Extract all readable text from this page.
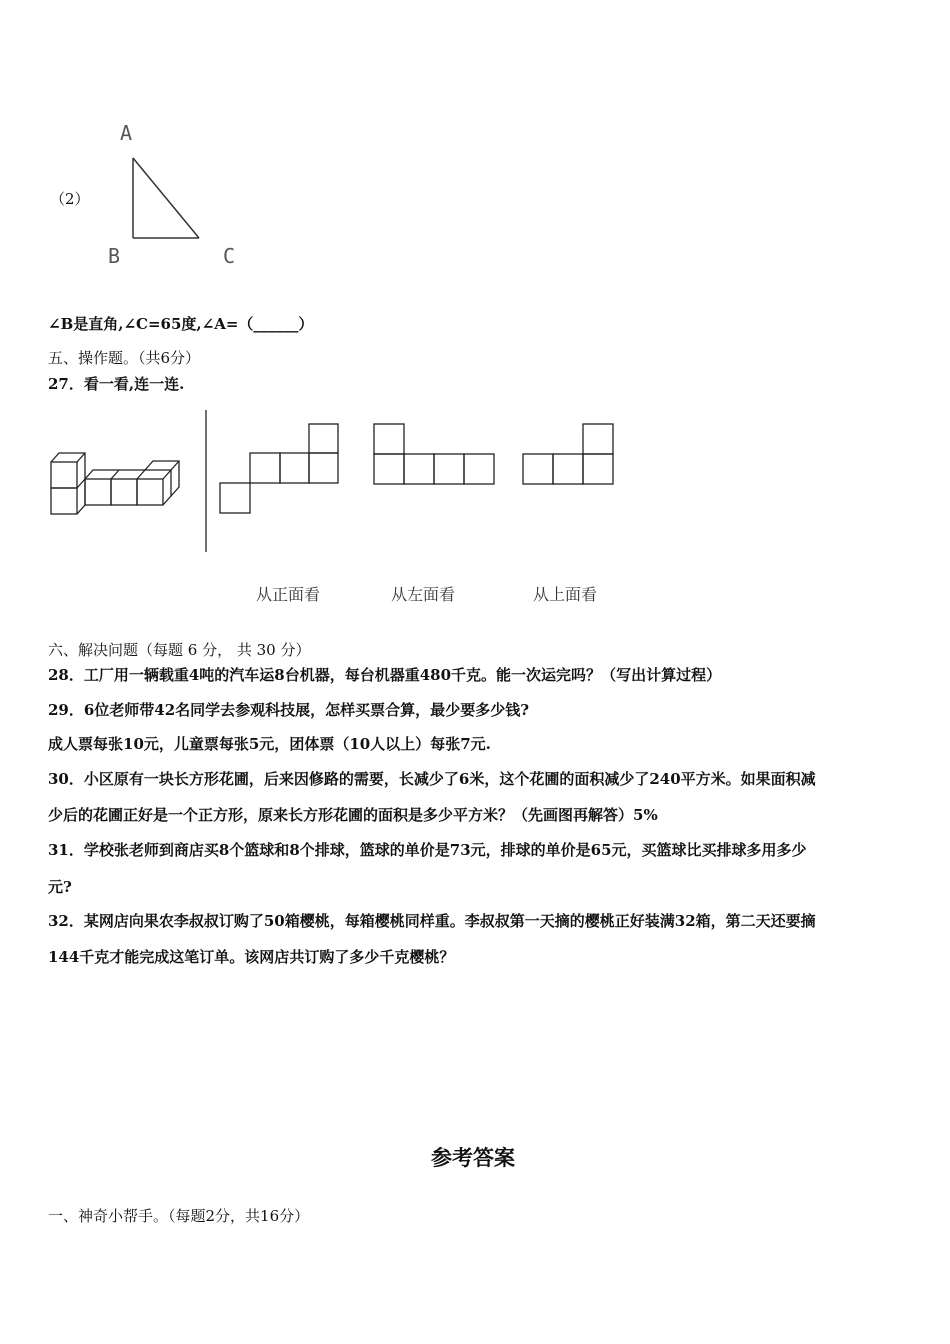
（2）
A
B	C
∠B是直角,∠C=65度,∠A=（______）
五、操作题。（共6分）
27．看一看,连一连.
从正面看	从左面看	从上面看
六、解决问题（每题 6 分， 共 30 分）
28．工厂用一辆载重4吨的汽车运8台机器，每台机器重480千克。能一次运完吗？（写出计算过程）
29．6位老师带42名同学去参观科技展，怎样买票合算，最少要多少钱?
成人票每张10元，儿童票每张5元，团体票（10人以上）每张7元.
30．小区原有一块长方形花圃，后来因修路的需要，长减少了6米，这个花圃的面积减少了240平方米。如果面积减
少后的花圃正好是一个正方形，原来长方形花圃的面积是多少平方米？（先画图再解答）5%
31．学校张老师到商店买8个篮球和8个排球，篮球的单价是73元，排球的单价是65元，买篮球比买排球多用多少
元?
32．某网店向果农李叔叔订购了50箱樱桃，每箱樱桃同样重。李叔叔第一天摘的樱桃正好装满32箱，第二天还要摘
144千克才能完成这笔订单。该网店共订购了多少千克樱桃？
参考答案
一、神奇小帮手。（每题2分，共16分）
